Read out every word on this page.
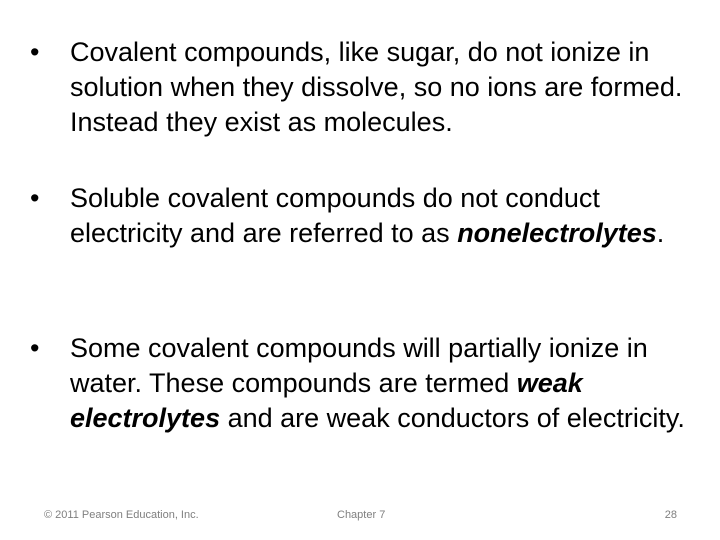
•	Covalent compounds, like sugar, do not ionize in solution when they dissolve, so no ions are formed. Instead they exist as molecules.

•	Soluble covalent compounds do not conduct electricity and are referred to as nonelectrolytes.

•	Some covalent compounds will partially ionize in water. These compounds are termed weak electrolytes and are weak conductors of electricity.

© 2011 Pearson Education, Inc.	Chapter 7	28
